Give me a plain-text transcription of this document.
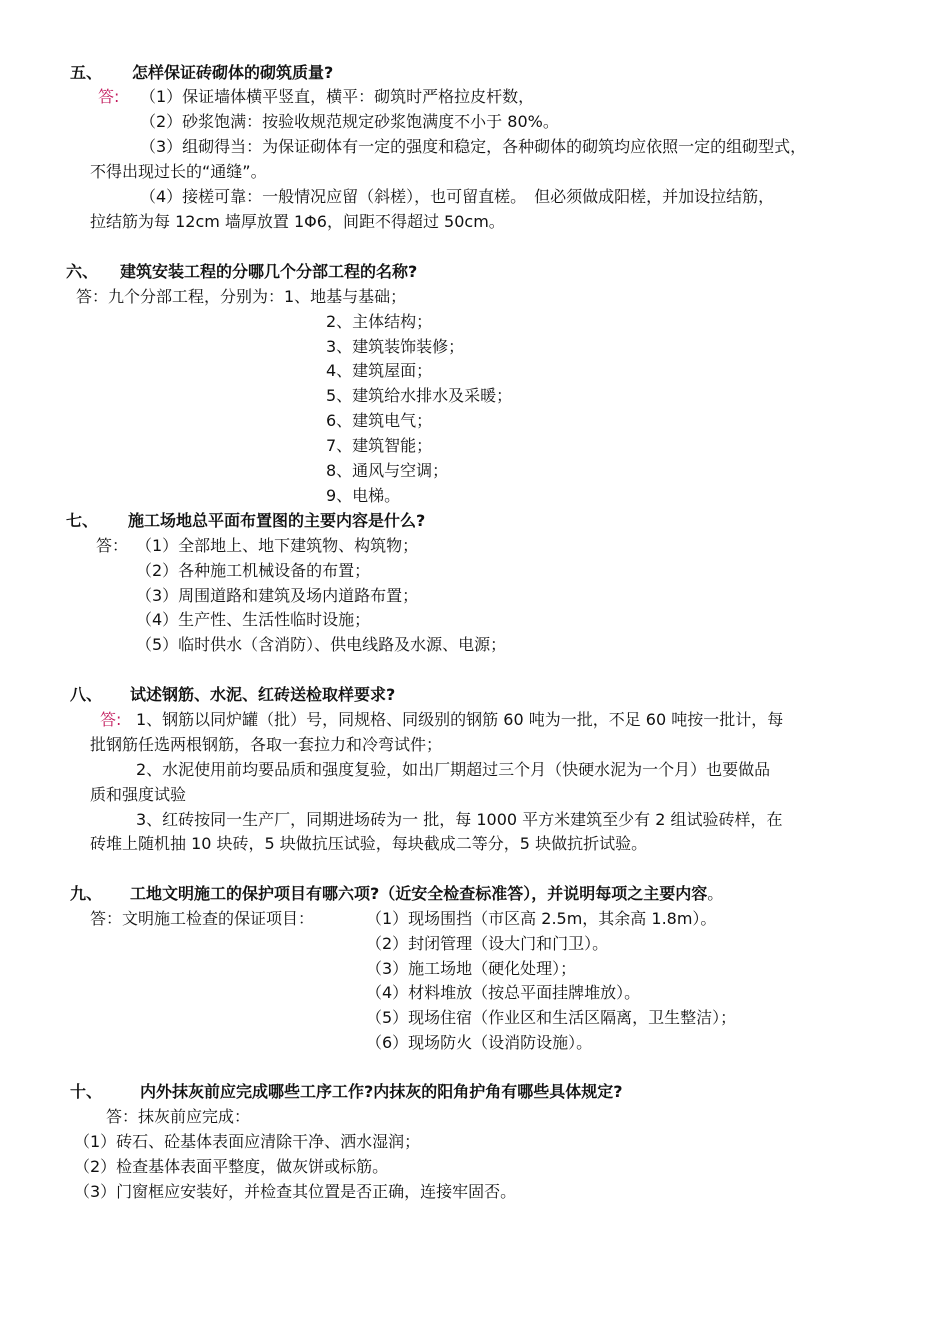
五、 怎样保证砖砌体的砌筑质量?
答: （1）保证墙体横平竖直，横平：砌筑时严格拉皮杆数，
（2）砂浆饱满：按验收规范规定砂浆饱满度不小于 80%。
（3）组砌得当：为保证砌体有一定的强度和稳定，各种砌体的砌筑均应依照一定的组砌型式，
不得出现过长的“通缝”。
（4）接槎可靠：一般情况应留（斜槎），也可留直槎。　但必须做成阳槎，并加设拉结筋，
拉结筋为每 12cm 墙厚放置 1Φ6，间距不得超过 50cm。
六、 建筑安装工程的分哪几个分部工程的名称?
答：九个分部工程，分别为：1、地基与基础；
2、主体结构；
3、建筑装饰装修；
4、建筑屋面；
5、建筑给水排水及采暖；
6、建筑电气；
7、建筑智能；
8、通风与空调；
9、电梯。
七、 施工场地总平面布置图的主要内容是什么?
答： （1）全部地上、地下建筑物、构筑物；
（2）各种施工机械设备的布置；
（3）周围道路和建筑及场内道路布置；
（4）生产性、生活性临时设施；
（5）临时供水（含消防）、供电线路及水源、电源；
八、 试述钢筋、水泥、红砖送检取样要求?
答: 1、钢筋以同炉罐（批）号，同规格、同级别的钢筋 60 吨为一批，不足 60 吨按一批计，每
批钢筋任选两根钢筋，各取一套拉力和冷弯试件；
2、水泥使用前均要品质和强度复验，如出厂期超过三个月（快硬水泥为一个月）也要做品
质和强度试验
3、红砖按同一生产厂，同期进场砖为一 批，每 1000 平方米建筑至少有 2 组试验砖样，在
砖堆上随机抽 10 块砖，5 块做抗压试验，每块截成二等分，5 块做抗折试验。
九、 工地文明施工的保护项目有哪六项?（近安全检查标准答），并说明每项之主要内容。
答：文明施工检查的保证项目：	（1）现场围挡（市区高 2.5m，其余高 1.8m）。
（2）封闭管理（设大门和门卫）。
（3）施工场地（硬化处理）；
（4）材料堆放（按总平面挂牌堆放）。
（5）现场住宿（作业区和生活区隔离，卫生整洁）；
（6）现场防火（设消防设施）。
十、 内外抹灰前应完成哪些工序工作?内抹灰的阳角护角有哪些具体规定?
答：抹灰前应完成：
（1）砖石、砼基体表面应清除干净、洒水湿润；
（2）检查基体表面平整度，做灰饼或标筋。
（3）门窗框应安装好，并检查其位置是否正确，连接牢固否。
